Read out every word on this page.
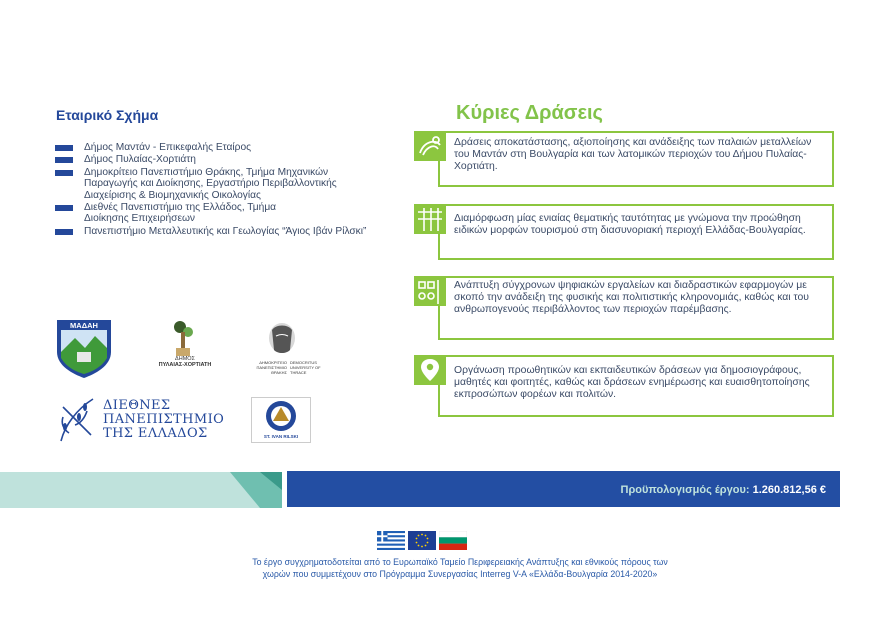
Εταιρικό Σχήμα
Δήμος Μαντάν - Επικεφαλής Εταίρος
Δήμος Πυλαίας-Χορτιάτη
Δημοκρίτειο Πανεπιστήμιο Θράκης, Τμήμα Μηχανικών Παραγωγής και Διοίκησης, Εργαστήριο Περιβαλλοντικής Διαχείρισης & Βιομηχανικής Οικολογίας
Διεθνές Πανεπιστήμιο της Ελλάδος, Τμήμα Διοίκησης Επιχειρήσεων
Πανεπιστήμιο Μεταλλευτικής και Γεωλογίας “Άγιος Ιβάν Ρίλσκι”
Κύριες Δράσεις
Δράσεις αποκατάστασης, αξιοποίησης και ανάδειξης των παλαιών μεταλλείων του Μαντάν στη Βουλγαρία και των λατομικών περιοχών του Δήμου Πυλαίας-Χορτιάτη.
Διαμόρφωση μίας ενιαίας θεματικής ταυτότητας με γνώμονα την προώθηση ειδικών μορφών τουρισμού στη διασυνοριακή περιοχή Ελλάδας-Βουλγαρίας.
Ανάπτυξη σύγχρονων ψηφιακών εργαλείων και διαδραστικών εφαρμογών με σκοπό την ανάδειξη της φυσικής και πολιτιστικής κληρονομιάς, καθώς και του ανθρωπογενούς περιβάλλοντος των περιοχών παρέμβασης.
Οργάνωση προωθητικών και εκπαιδευτικών δράσεων για δημοσιογράφους, μαθητές και φοιτητές, καθώς και δράσεων ενημέρωσης και ευαισθητοποίησης εκπροσώπων φορέων και πολιτών.
ΜΑΔΑΗ
ΔΗΜΟΣ
ΠΥΛΑΙΑΣ-ΧΟΡΤΙΑΤΗ	ΔΗΜΟΚΡΙΤΕΙΟ ΠΑΝΕΠΙΣΤΗΜΙΟ ΘΡΑΚΗΣ
DEMOCRITUS UNIVERSITY OF THRACE
ΔΙΕΘΝΕΣ
ΠΑΝΕΠΙΣΤΗΜΙΟ
ΤΗΣ ΕΛΛΑΔΟΣ	ST. IVAN RILSKI
Προϋπολογισμός έργου: 1.260.812,56 €
Το έργο συγχρηματοδοτείται από το Ευρωπαϊκό Ταμείο Περιφερειακής Ανάπτυξης και εθνικούς πόρους των
χωρών που συμμετέχουν στο Πρόγραμμα Συνεργασίας Interreg V-A «Ελλάδα-Βουλγαρία 2014-2020»
